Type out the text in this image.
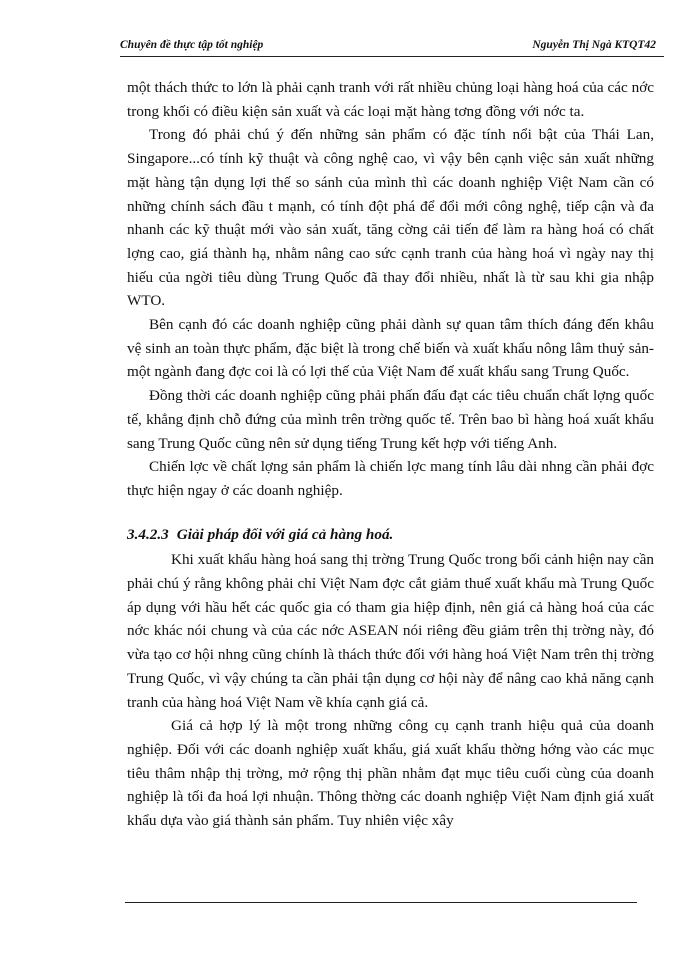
Chuyên đề thực tập tốt nghiệp	Nguyễn Thị Ngà KTQT42

một thách thức to lớn là phải cạnh tranh với rất nhiều chủng loại hàng hoá của các nớc trong khối có điều kiện sản xuất và các loại mặt hàng tơng đồng với nớc ta.

Trong đó phải chú ý đến những sản phẩm có đặc tính nổi bật của Thái Lan, Singapore...có tính kỹ thuật và công nghệ cao, vì vậy bên cạnh việc sản xuất những mặt hàng tận dụng lợi thế so sánh của mình thì các doanh nghiệp Việt Nam cần có những chính sách đầu t mạnh, có tính đột phá để đổi mới công nghệ, tiếp cận và đa nhanh các kỹ thuật mới vào sản xuất, tăng cờng cải tiến để làm ra hàng hoá có chất lợng cao, giá thành hạ, nhằm nâng cao sức cạnh tranh của hàng hoá vì ngày nay thị hiếu của ngời tiêu dùng Trung Quốc đã thay đổi nhiều, nhất là từ sau khi gia nhập WTO.

Bên cạnh đó các doanh nghiệp cũng phải dành sự quan tâm thích đáng đến khâu vệ sinh an toàn thực phẩm, đặc biệt là trong chế biến và xuất khẩu nông lâm thuỷ sản- một ngành đang đợc coi là có lợi thế của Việt Nam để xuất khẩu sang Trung Quốc.

Đồng thời các doanh nghiệp cũng phải phấn đấu đạt các tiêu chuẩn chất lợng quốc tế, khẳng định chỗ đứng của mình trên trờng quốc tế. Trên bao bì hàng hoá xuất khẩu sang Trung Quốc cũng nên sử dụng tiếng Trung kết hợp với tiếng Anh.

Chiến lợc về chất lợng sản phẩm là chiến lợc mang tính lâu dài nhng cần phải đợc thực hiện ngay ở các doanh nghiệp.

3.4.2.3 Giải pháp đối với giá cả hàng hoá.

Khi xuất khẩu hàng hoá sang thị trờng Trung Quốc trong bối cảnh hiện nay cần phải chú ý rằng không phải chỉ Việt Nam đợc cắt giảm thuế xuất khẩu mà Trung Quốc áp dụng với hầu hết các quốc gia có tham gia hiệp định, nên giá cả hàng hoá của các nớc khác nói chung và của các nớc ASEAN nói riêng đều giảm trên thị trờng này, đó vừa tạo cơ hội nhng cũng chính là thách thức đối với hàng hoá Việt Nam trên thị trờng Trung Quốc, vì vậy chúng ta cần phải tận dụng cơ hội này để nâng cao khả năng cạnh tranh của hàng hoá Việt Nam về khía cạnh giá cả.

Giá cả hợp lý là một trong những công cụ cạnh tranh hiệu quả của doanh nghiệp. Đối với các doanh nghiệp xuất khẩu, giá xuất khẩu thờng hớng vào các mục tiêu thâm nhập thị trờng, mở rộng thị phần nhằm đạt mục tiêu cuối cùng của doanh nghiệp là tối đa hoá lợi nhuận. Thông thờng các doanh nghiệp Việt Nam định giá xuất khẩu dựa vào giá thành sản phẩm. Tuy nhiên việc xây
